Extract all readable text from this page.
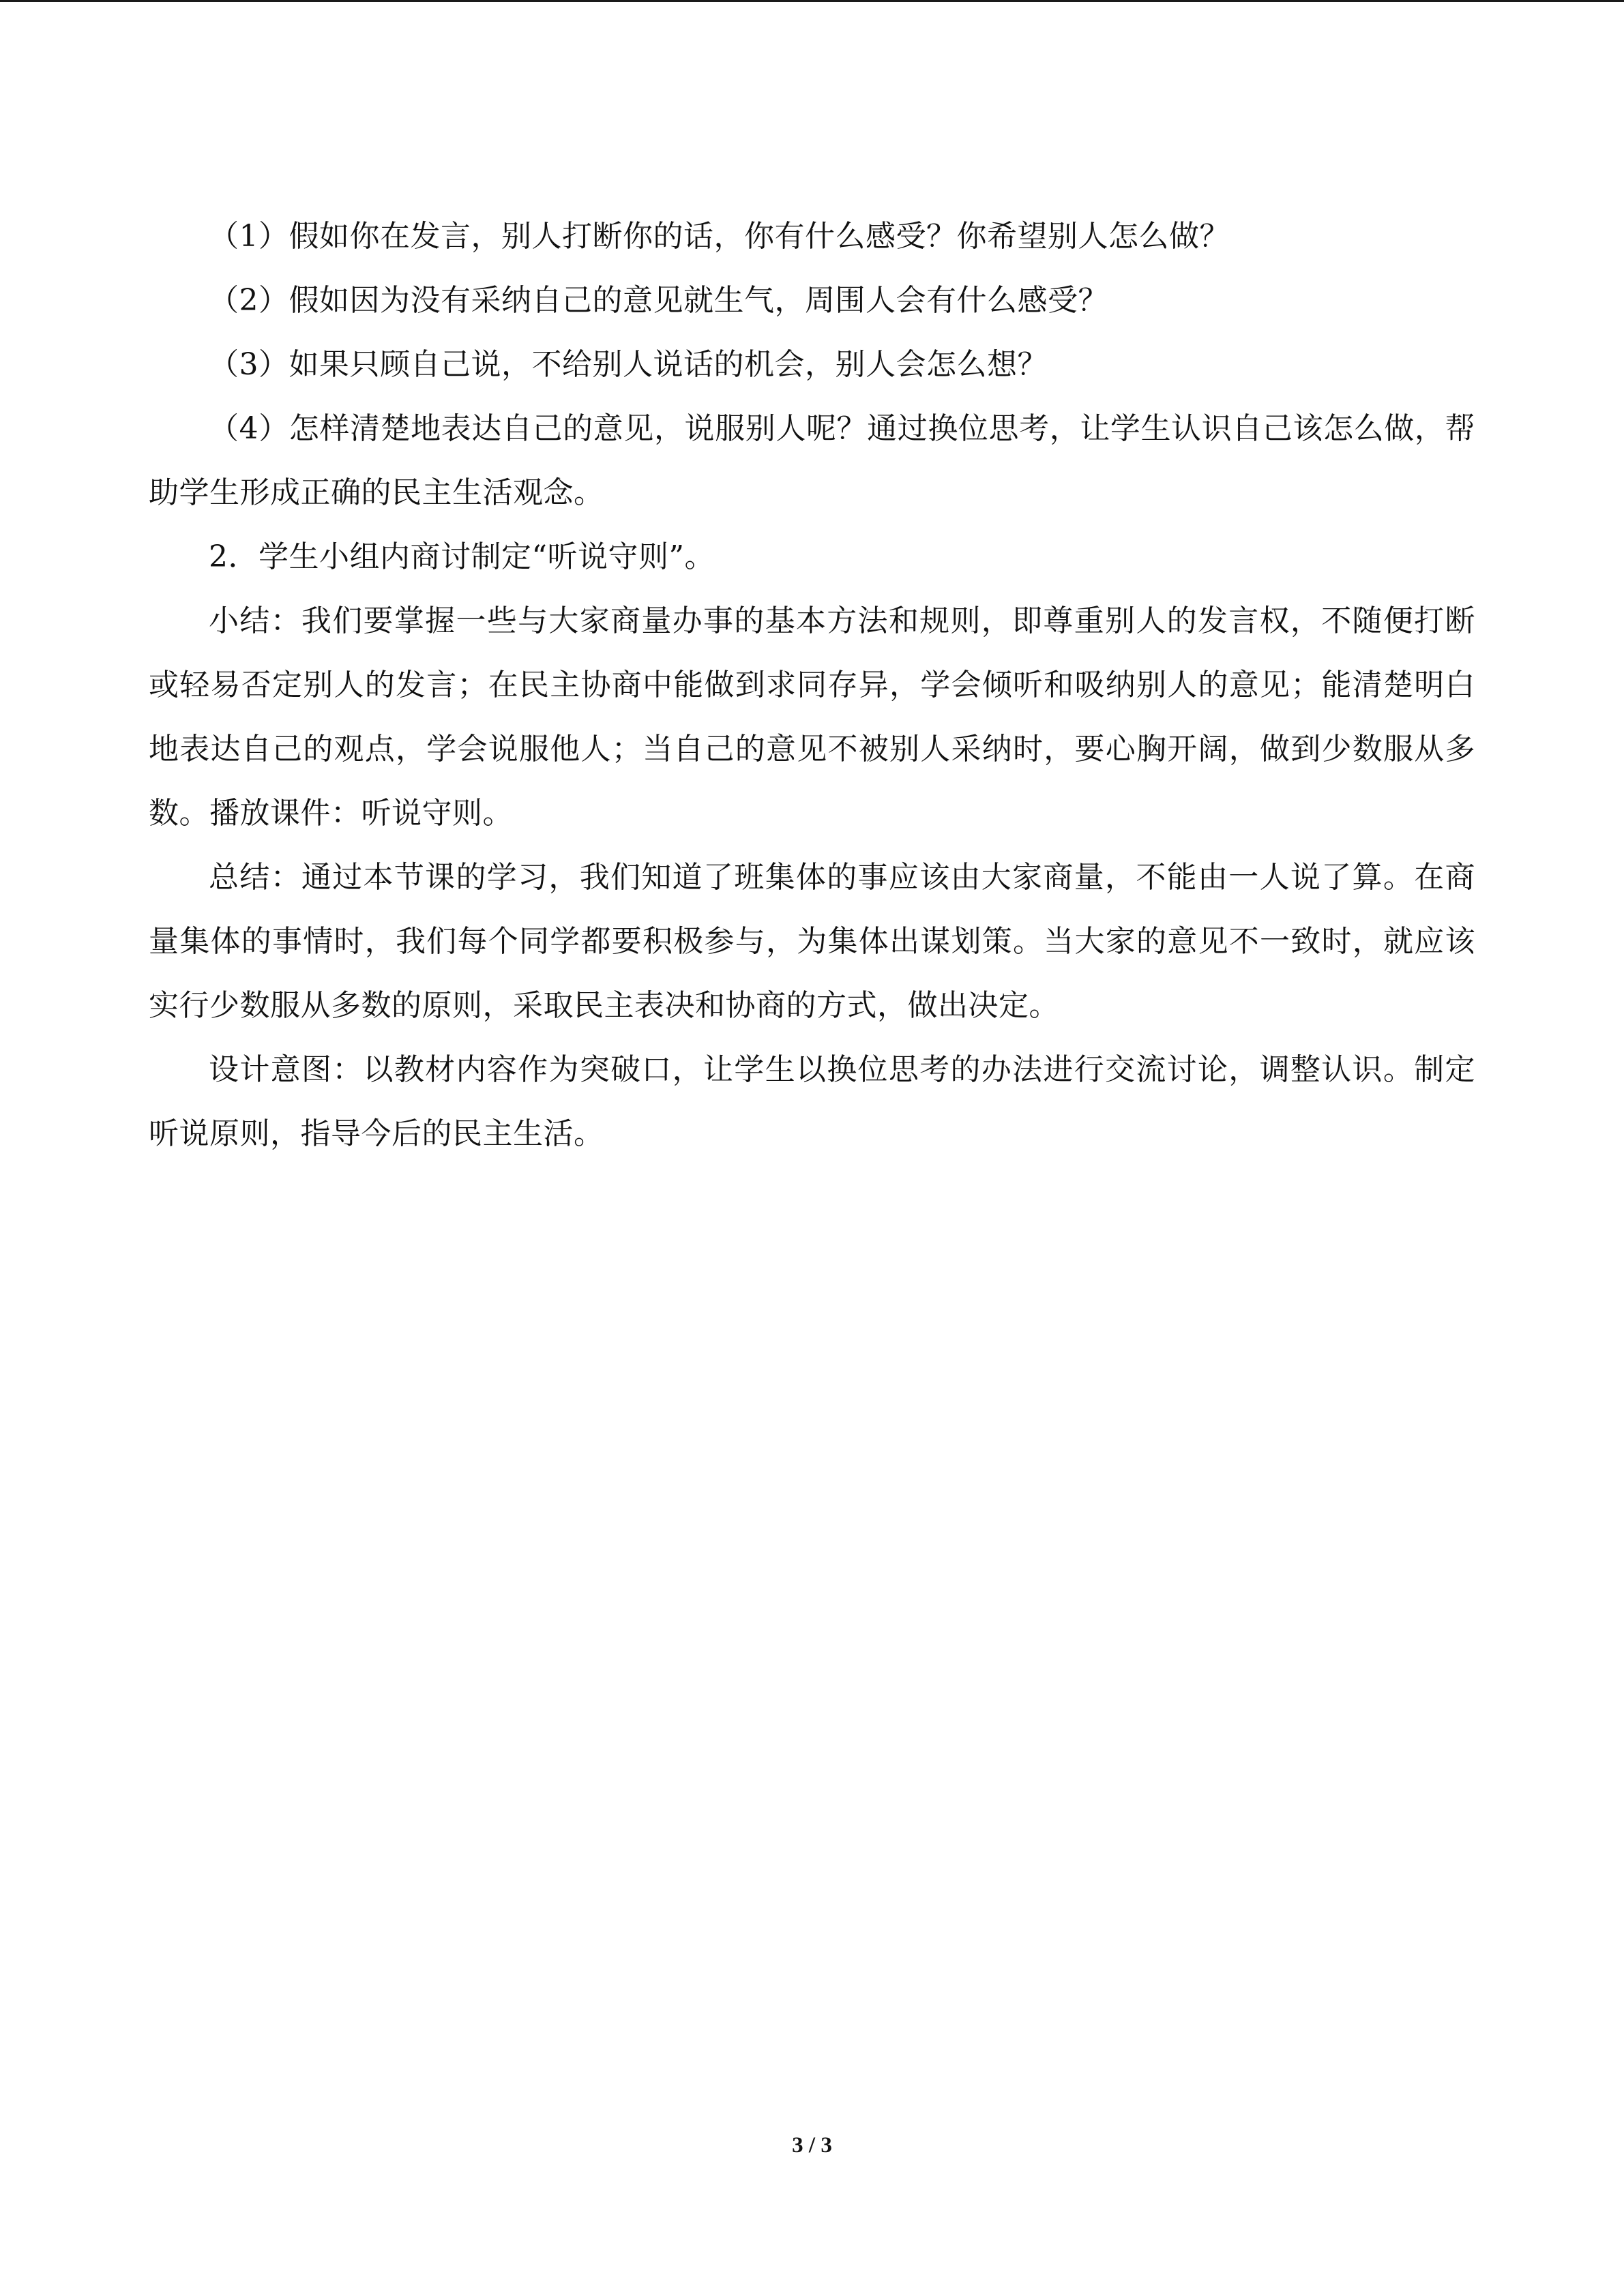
（1）假如你在发言，别人打断你的话，你有什么感受？你希望别人怎么做？

（2）假如因为没有采纳自己的意见就生气，周围人会有什么感受？

（3）如果只顾自己说，不给别人说话的机会，别人会怎么想？

（4）怎样清楚地表达自己的意见，说服别人呢？通过换位思考，让学生认识自己该怎么做，帮助学生形成正确的民主生活观念。

2．学生小组内商讨制定“听说守则”。

小结：我们要掌握一些与大家商量办事的基本方法和规则，即尊重别人的发言权，不随便打断或轻易否定别人的发言；在民主协商中能做到求同存异，学会倾听和吸纳别人的意见；能清楚明白地表达自己的观点，学会说服他人；当自己的意见不被别人采纳时，要心胸开阔，做到少数服从多数。播放课件：听说守则。

总结：通过本节课的学习，我们知道了班集体的事应该由大家商量，不能由一人说了算。在商量集体的事情时，我们每个同学都要积极参与，为集体出谋划策。当大家的意见不一致时，就应该实行少数服从多数的原则，采取民主表决和协商的方式，做出决定。

设计意图：以教材内容作为突破口，让学生以换位思考的办法进行交流讨论，调整认识。制定听说原则，指导今后的民主生活。

3 / 3
